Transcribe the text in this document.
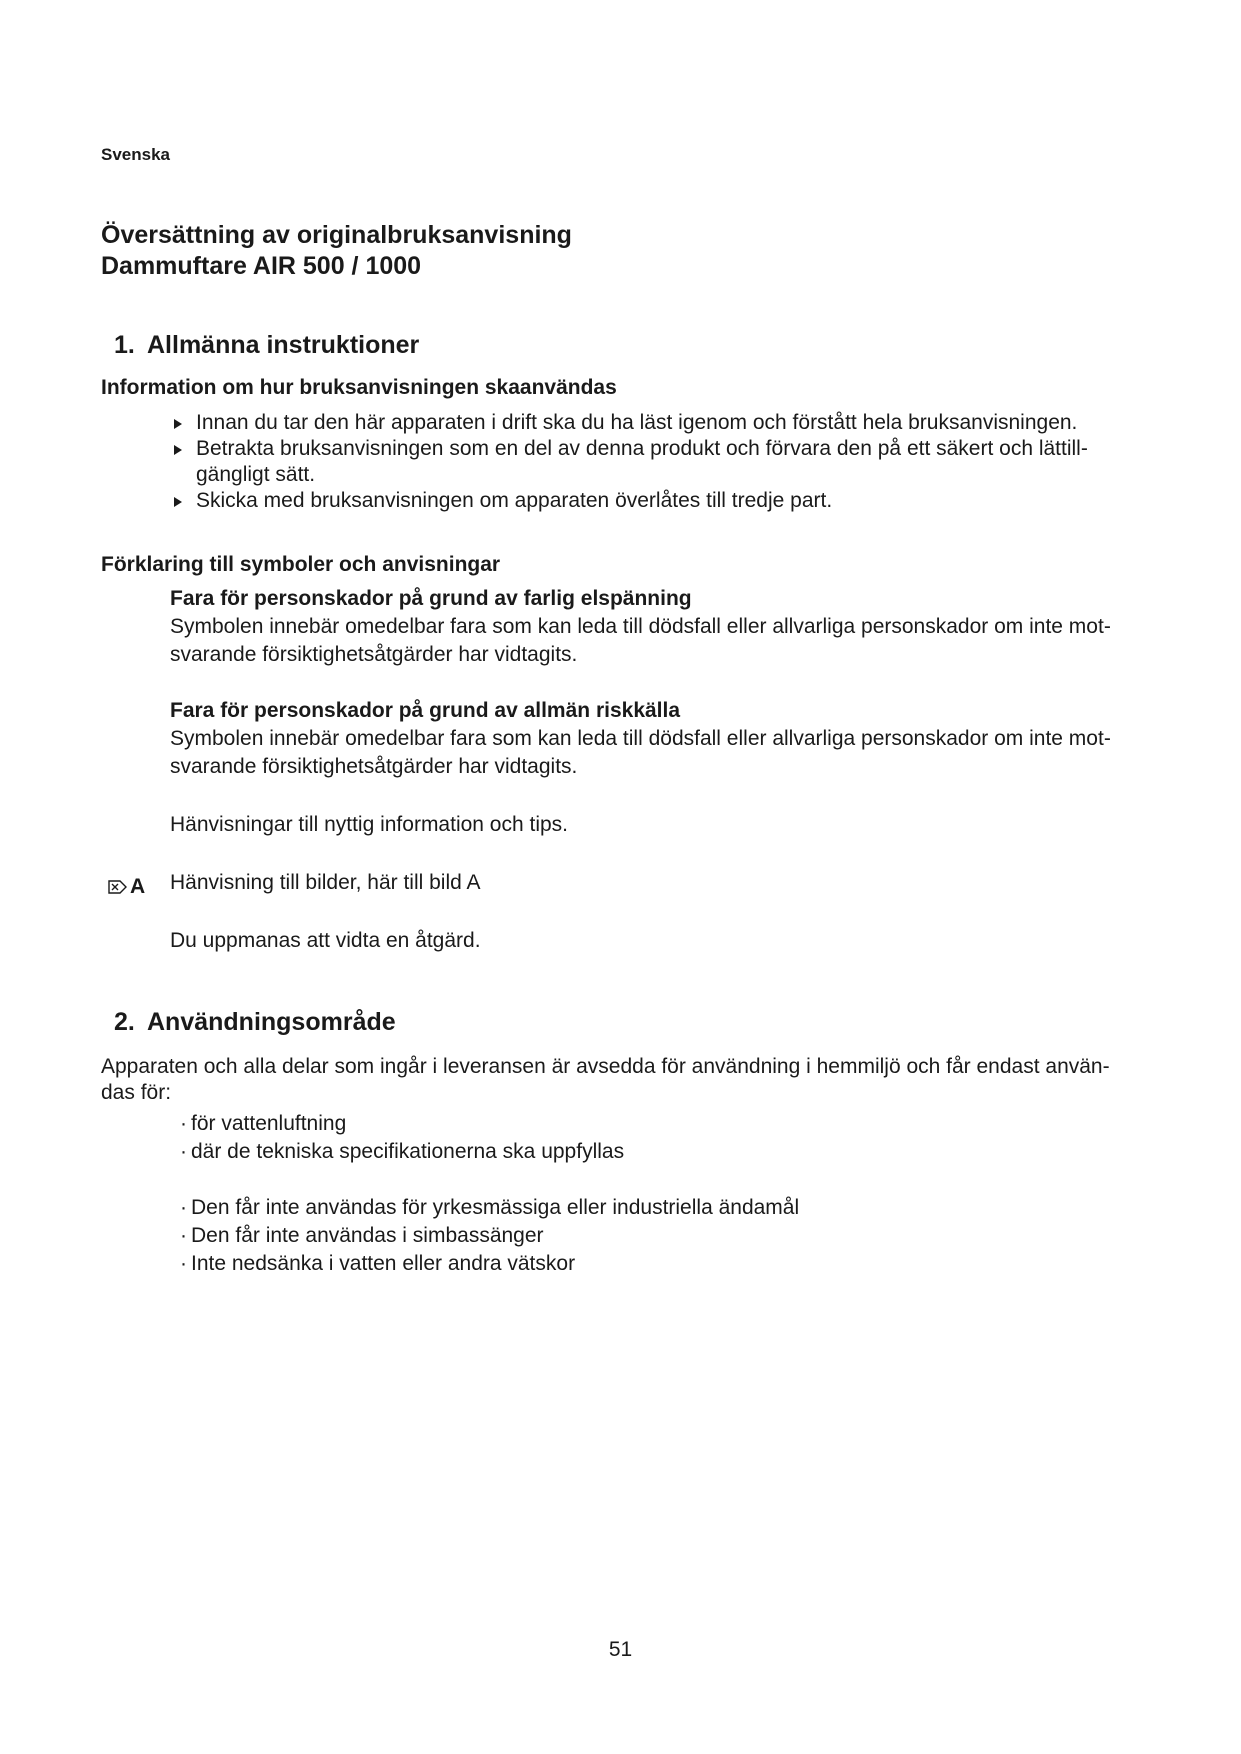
Svenska
Översättning av originalbruksanvisning
Dammuftare AIR 500 / 1000
1. Allmänna instruktioner
Information om hur bruksanvisningen skaanvändas
Innan du tar den här apparaten i drift ska du ha läst igenom och förstått hela bruksanvisningen.
Betrakta bruksanvisningen som en del av denna produkt och förvara den på ett säkert och lättill-gängligt sätt.
Skicka med bruksanvisningen om apparaten överlåtes till tredje part.
Förklaring till symboler och anvisningar
Fara för personskador på grund av farlig elspänning
Symbolen innebär omedelbar fara som kan leda till dödsfall eller allvarliga personskador om inte mot-
svarande försiktighetsåtgärder har vidtagits.
Fara för personskador på grund av allmän riskkälla
Symbolen innebär omedelbar fara som kan leda till dödsfall eller allvarliga personskador om inte mot-
svarande försiktighetsåtgärder har vidtagits.
Hänvisningar till nyttig information och tips.
A Hänvisning till bilder, här till bild A
Du uppmanas att vidta en åtgärd.
2. Användningsområde
Apparaten och alla delar som ingår i leveransen är avsedda för användning i hemmiljö och får endast använ-
das för:
· för vattenluftning
· där de tekniska specifikationerna ska uppfyllas
· Den får inte användas för yrkesmässiga eller industriella ändamål
· Den får inte användas i simbassänger
· Inte nedsänka i vatten eller andra vätskor
51
